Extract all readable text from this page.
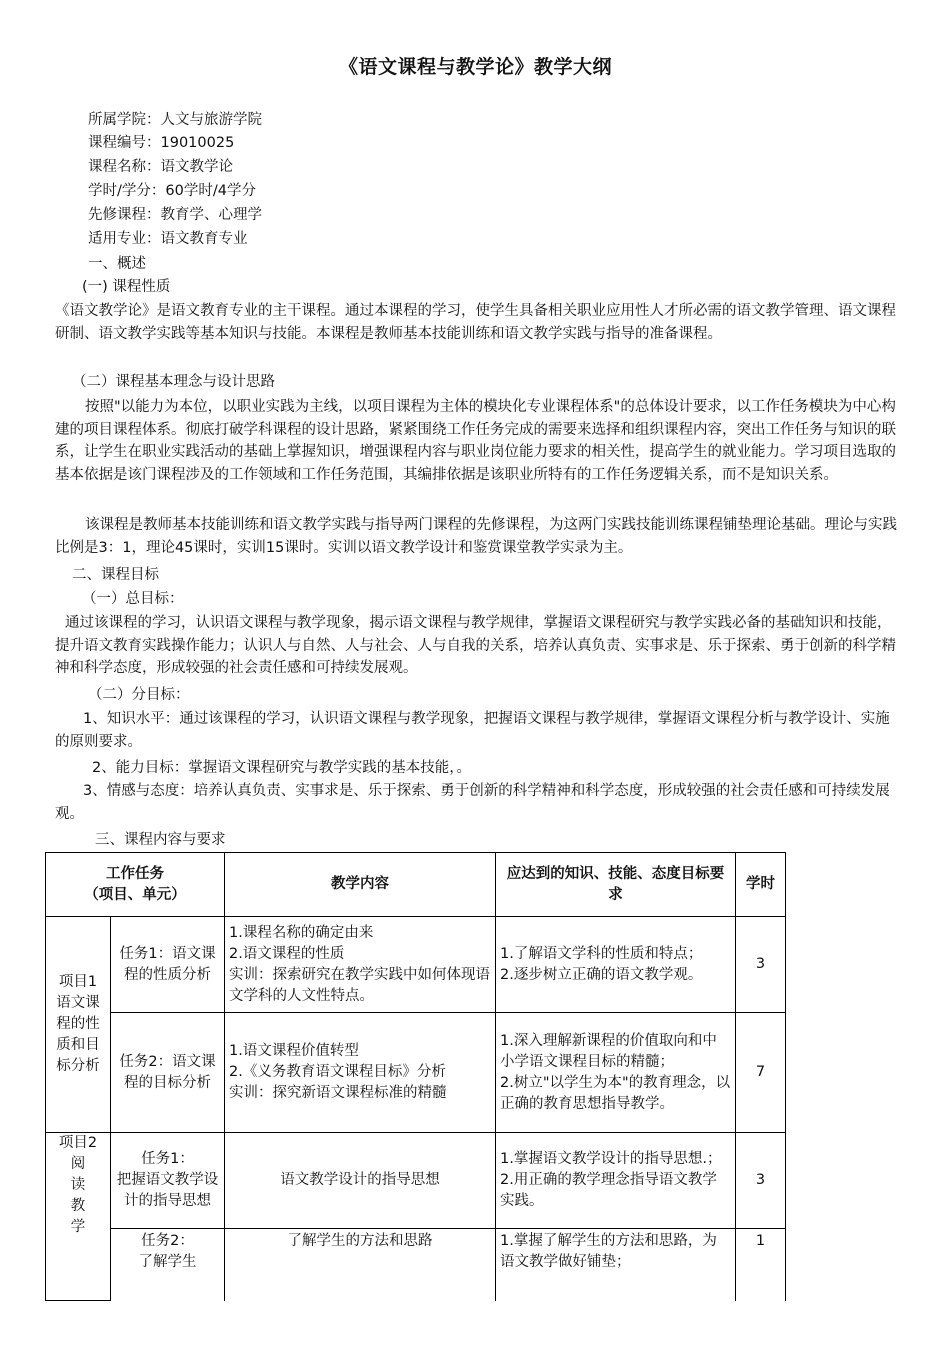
《语文课程与教学论》教学大纲

所属学院：人文与旅游学院

课程编号：19010025

课程名称：语文教学论

学时/学分：60学时/4学分

先修课程：教育学、心理学

适用专业：语文教育专业

一、概述

(一) 课程性质

《语文教学论》是语文教育专业的主干课程。通过本课程的学习，使学生具备相关职业应用性人才所必需的语文教学管理、语文课程研制、语文教学实践等基本知识与技能。本课程是教师基本技能训练和语文教学实践与指导的准备课程。

（二）课程基本理念与设计思路

按照"以能力为本位，以职业实践为主线，以项目课程为主体的模块化专业课程体系"的总体设计要求，以工作任务模块为中心构建的项目课程体系。彻底打破学科课程的设计思路，紧紧围绕工作任务完成的需要来选择和组织课程内容，突出工作任务与知识的联系，让学生在职业实践活动的基础上掌握知识，增强课程内容与职业岗位能力要求的相关性，提高学生的就业能力。学习项目选取的基本依据是该门课程涉及的工作领域和工作任务范围，其编排依据是该职业所特有的工作任务逻辑关系，而不是知识关系。

该课程是教师基本技能训练和语文教学实践与指导两门课程的先修课程，为这两门实践技能训练课程铺垫理论基础。理论与实践比例是3：1，理论45课时，实训15课时。实训以语文教学设计和鉴赏课堂教学实录为主。

二、课程目标

（一）总目标：

通过该课程的学习，认识语文课程与教学现象，揭示语文课程与教学规律，掌握语文课程研究与教学实践必备的基础知识和技能，提升语文教育实践操作能力；认识人与自然、人与社会、人与自我的关系，培养认真负责、实事求是、乐于探索、勇于创新的科学精神和科学态度，形成较强的社会责任感和可持续发展观。

（二）分目标：

1、知识水平：通过该课程的学习，认识语文课程与教学现象，把握语文课程与教学规律，掌握语文课程分析与教学设计、实施的原则要求。

2、能力目标：掌握语文课程研究与教学实践的基本技能，。

3、情感与态度：培养认真负责、实事求是、乐于探索、勇于创新的科学精神和科学态度，形成较强的社会责任感和可持续发展观。

三、课程内容与要求

工作任务
（项目、单元）		教学内容	应达到的知识、技能、态度目标要求	学时
项目1
语文课
程的性
质和目
标分析	任务1：语文课程的性质分析	1.课程名称的确定由来
2.语文课程的性质
实训：探索研究在教学实践中如何体现语文学科的人文性特点。	1.了解语文学科的性质和特点；
2.逐步树立正确的语文教学观。	3
	任务2：语文课程的目标分析	1.语文课程价值转型
2.《义务教育语文课程目标》分析
实训：探究新语文课程标准的精髓	1.深入理解新课程的价值取向和中小学语文课程目标的精髓；
2.树立"以学生为本"的教育理念，以正确的教育思想指导教学。	7
项目2
阅
读
教
学	任务1：
把握语文教学设计的指导思想	语文教学设计的指导思想	1.掌握语文教学设计的指导思想.；
2.用正确的教学理念指导语文教学实践。	3
	任务2：
了解学生	了解学生的方法和思路	1.掌握了解学生的方法和思路，为语文教学做好铺垫；	1
